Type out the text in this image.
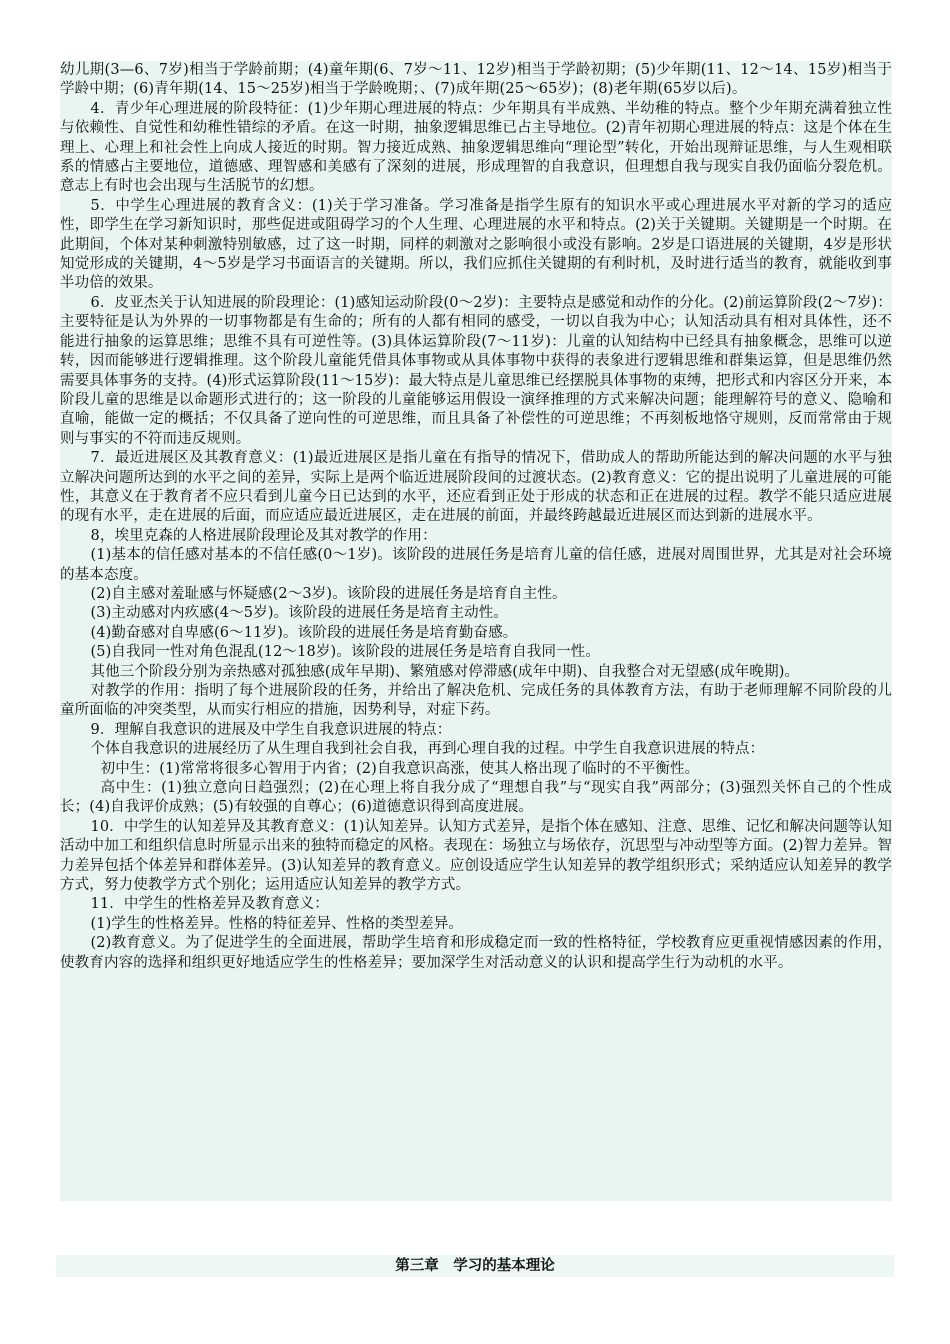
幼儿期(3—6、7岁)相当于学龄前期；(4)童年期(6、7岁～11、12岁)相当于学龄初期；(5)少年期(11、12～14、15岁)相当于学龄中期；(6)青年期(14、15～25岁)相当于学龄晚期；、(7)成年期(25～65岁)；(8)老年期(65岁以后)。

4．青少年心理进展的阶段特征：(1)少年期心理进展的特点：少年期具有半成熟、半幼稚的特点。整个少年期充满着独立性与依赖性、自觉性和幼稚性错综的矛盾。在这一时期，抽象逻辑思维已占主导地位。(2)青年初期心理进展的特点：这是个体在生理上、心理上和社会性上向成人接近的时期。智力接近成熟、抽象逻辑思维向“理论型”转化，开始出现辩证思维，与人生观相联系的情感占主要地位，道德感、理智感和美感有了深刻的进展，形成理智的自我意识，但理想自我与现实自我仍面临分裂危机。意志上有时也会出现与生活脱节的幻想。

5．中学生心理进展的教育含义：(1)关于学习准备。学习准备是指学生原有的知识水平或心理进展水平对新的学习的适应性，即学生在学习新知识时，那些促进或阻碍学习的个人生理、心理进展的水平和特点。(2)关于关键期。关键期是一个时期。在此期间，个体对某种刺激特别敏感，过了这一时期，同样的刺激对之影响很小或没有影响。2岁是口语进展的关键期，4岁是形状知觉形成的关键期，4～5岁是学习书面语言的关键期。所以，我们应抓住关键期的有利时机，及时进行适当的教育，就能收到事半功倍的效果。

6．皮亚杰关于认知进展的阶段理论：(1)感知运动阶段(0～2岁)：主要特点是感觉和动作的分化。(2)前运算阶段(2～7岁)：主要特征是认为外界的一切事物都是有生命的；所有的人都有相同的感受，一切以自我为中心；认知活动具有相对具体性，还不能进行抽象的运算思维；思维不具有可逆性等。(3)具体运算阶段(7～11岁)：儿童的认知结构中已经具有抽象概念，思维可以逆转，因而能够进行逻辑推理。这个阶段儿童能凭借具体事物或从具体事物中获得的表象进行逻辑思维和群集运算，但是思维仍然需要具体事务的支持。(4)形式运算阶段(11～15岁)：最大特点是儿童思维已经摆脱具体事物的束缚，把形式和内容区分开来，本阶段儿童的思维是以命题形式进行的；这一阶段的儿童能够运用假设一演绎推理的方式来解决问题；能理解符号的意义、隐喻和直喻，能做一定的概括；不仅具备了逆向性的可逆思维，而且具备了补偿性的可逆思维；不再刻板地恪守规则，反而常常由于规则与事实的不符而违反规则。

7．最近进展区及其教育意义：(1)最近进展区是指儿童在有指导的情况下，借助成人的帮助所能达到的解决问题的水平与独立解决问题所达到的水平之间的差异，实际上是两个临近进展阶段间的过渡状态。(2)教育意义：它的提出说明了儿童进展的可能性，其意义在于教育者不应只看到儿童今日已达到的水平，还应看到正处于形成的状态和正在进展的过程。教学不能只适应进展的现有水平，走在进展的后面，而应适应最近进展区，走在进展的前面，并最终跨越最近进展区而达到新的进展水平。

8，埃里克森的人格进展阶段理论及其对教学的作用：

(1)基本的信任感对基本的不信任感(0～1岁)。该阶段的进展任务是培育儿童的信任感，进展对周围世界，尤其是对社会环境的基本态度。

(2)自主感对羞耻感与怀疑感(2～3岁)。该阶段的进展任务是培育自主性。

(3)主动感对内疚感(4～5岁)。该阶段的进展任务是培育主动性。

(4)勤奋感对自卑感(6～11岁)。该阶段的进展任务是培育勤奋感。

(5)自我同一性对角色混乱(12～18岁)。该阶段的进展任务是培育自我同一性。

其他三个阶段分别为亲热感对孤独感(成年早期)、繁殖感对停滞感(成年中期)、自我整合对无望感(成年晚期)。

对教学的作用：指明了每个进展阶段的任务，并给出了解决危机、完成任务的具体教育方法，有助于老师理解不同阶段的儿童所面临的冲突类型，从而实行相应的措施，因势利导，对症下药。

9．理解自我意识的进展及中学生自我意识进展的特点：

个体自我意识的进展经历了从生理自我到社会自我，再到心理自我的过程。中学生自我意识进展的特点：

初中生：(1)常常将很多心智用于内省；(2)自我意识高涨，使其人格出现了临时的不平衡性。

高中生：(1)独立意向日趋强烈；(2)在心理上将自我分成了“理想自我”与“现实自我”两部分；(3)强烈关怀自己的个性成长；(4)自我评价成熟；(5)有较强的自尊心；(6)道德意识得到高度进展。

10．中学生的认知差异及其教育意义：(1)认知差异。认知方式差异，是指个体在感知、注意、思维、记忆和解决问题等认知活动中加工和组织信息时所显示出来的独特而稳定的风格。表现在：场独立与场依存，沉思型与冲动型等方面。(2)智力差异。智力差异包括个体差异和群体差异。(3)认知差异的教育意义。应创设适应学生认知差异的教学组织形式；采纳适应认知差异的教学方式，努力使教学方式个别化；运用适应认知差异的教学方式。

11．中学生的性格差异及教育意义：

(1)学生的性格差异。性格的特征差异、性格的类型差异。

(2)教育意义。为了促进学生的全面进展，帮助学生培育和形成稳定而一致的性格特征，学校教育应更重视情感因素的作用，使教育内容的选择和组织更好地适应学生的性格差异；要加深学生对活动意义的认识和提高学生行为动机的水平。

第三章　学习的基本理论
